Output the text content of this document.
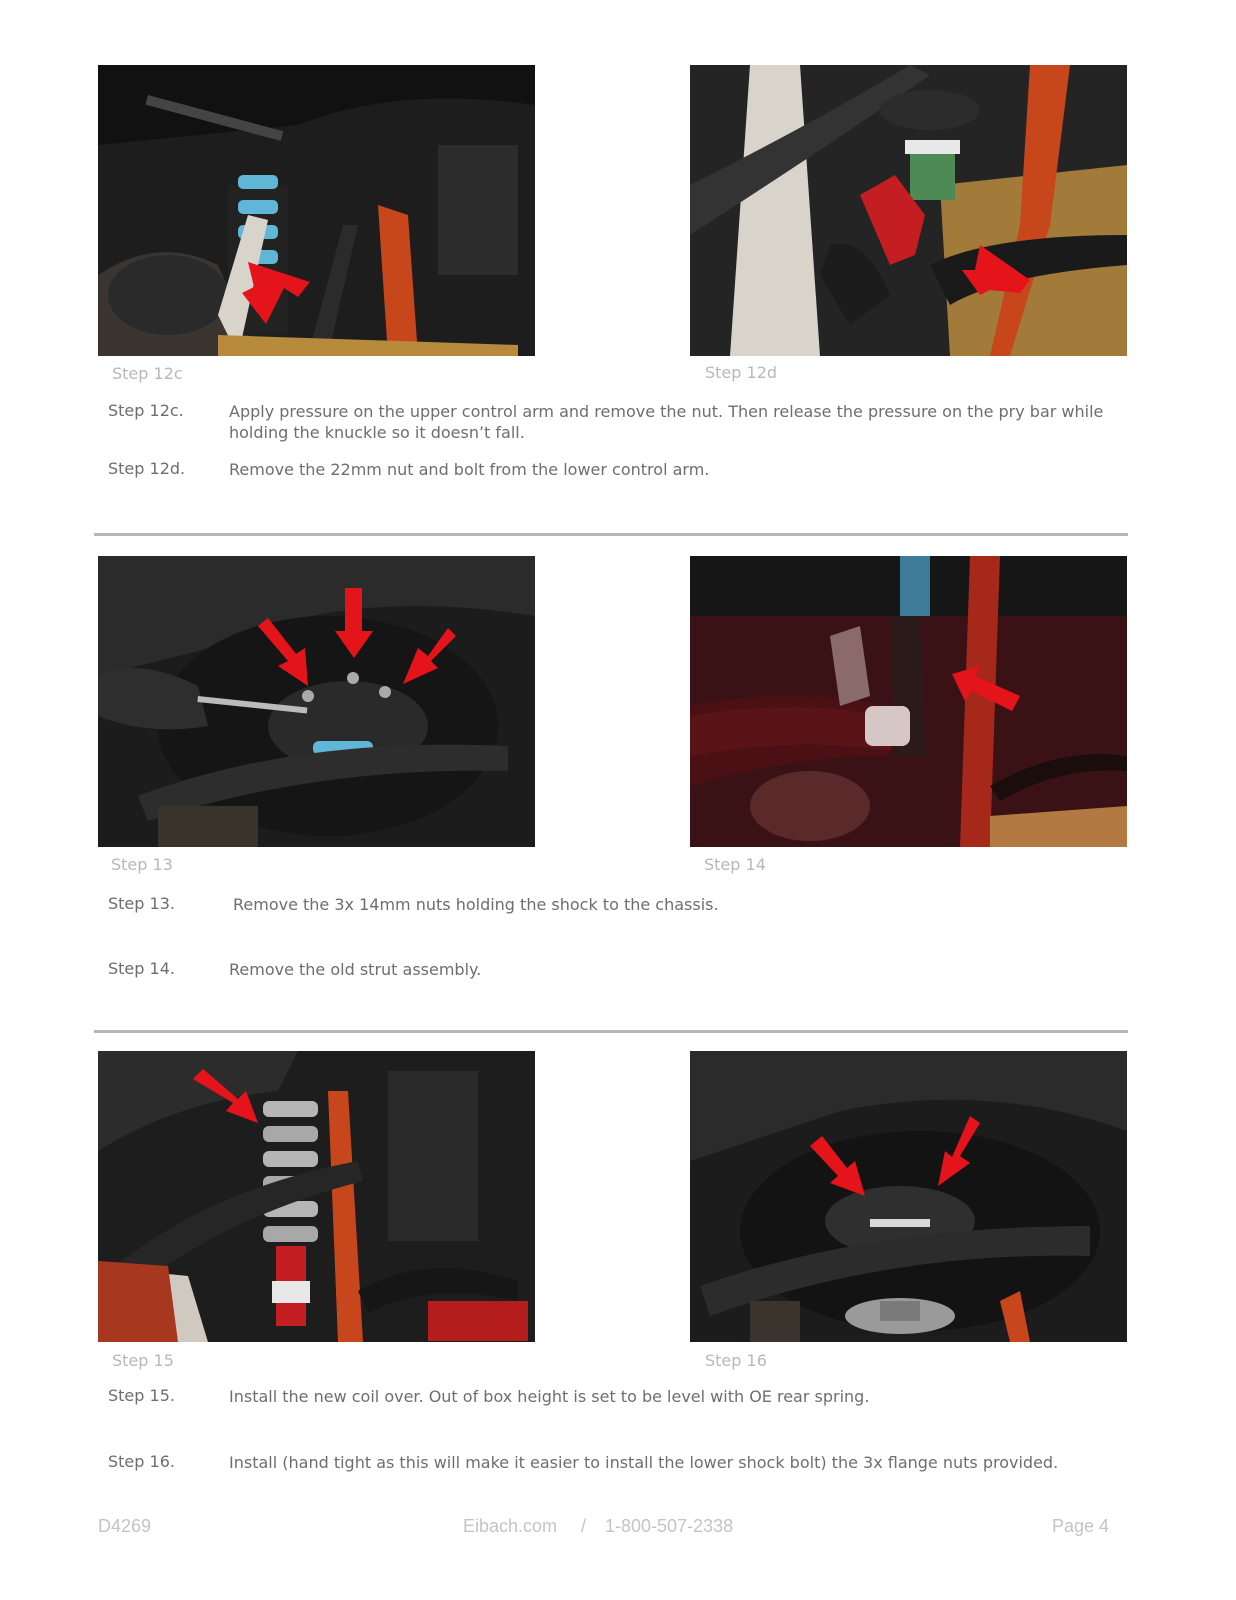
Step 12c	Step 12d
Step 12c.	Apply pressure on the upper control arm and remove the nut. Then release the pressure on the pry bar while holding the knuckle so it doesn’t fall.
Step 12d.	Remove the 22mm nut and bolt from the lower control arm.
Step 13	Step 14
Step 13.	Remove the 3x 14mm nuts holding the shock to the chassis.
Step 14.	Remove the old strut assembly.
Step 15	Step 16
Step 15.	Install the new coil over. Out of box height is set to be level with OE rear spring.
Step 16.	Install (hand tight as this will make it easier to install the lower shock bolt) the 3x flange nuts provided.
D4269	Eibach.com / 1-800-507-2338	Page 4
